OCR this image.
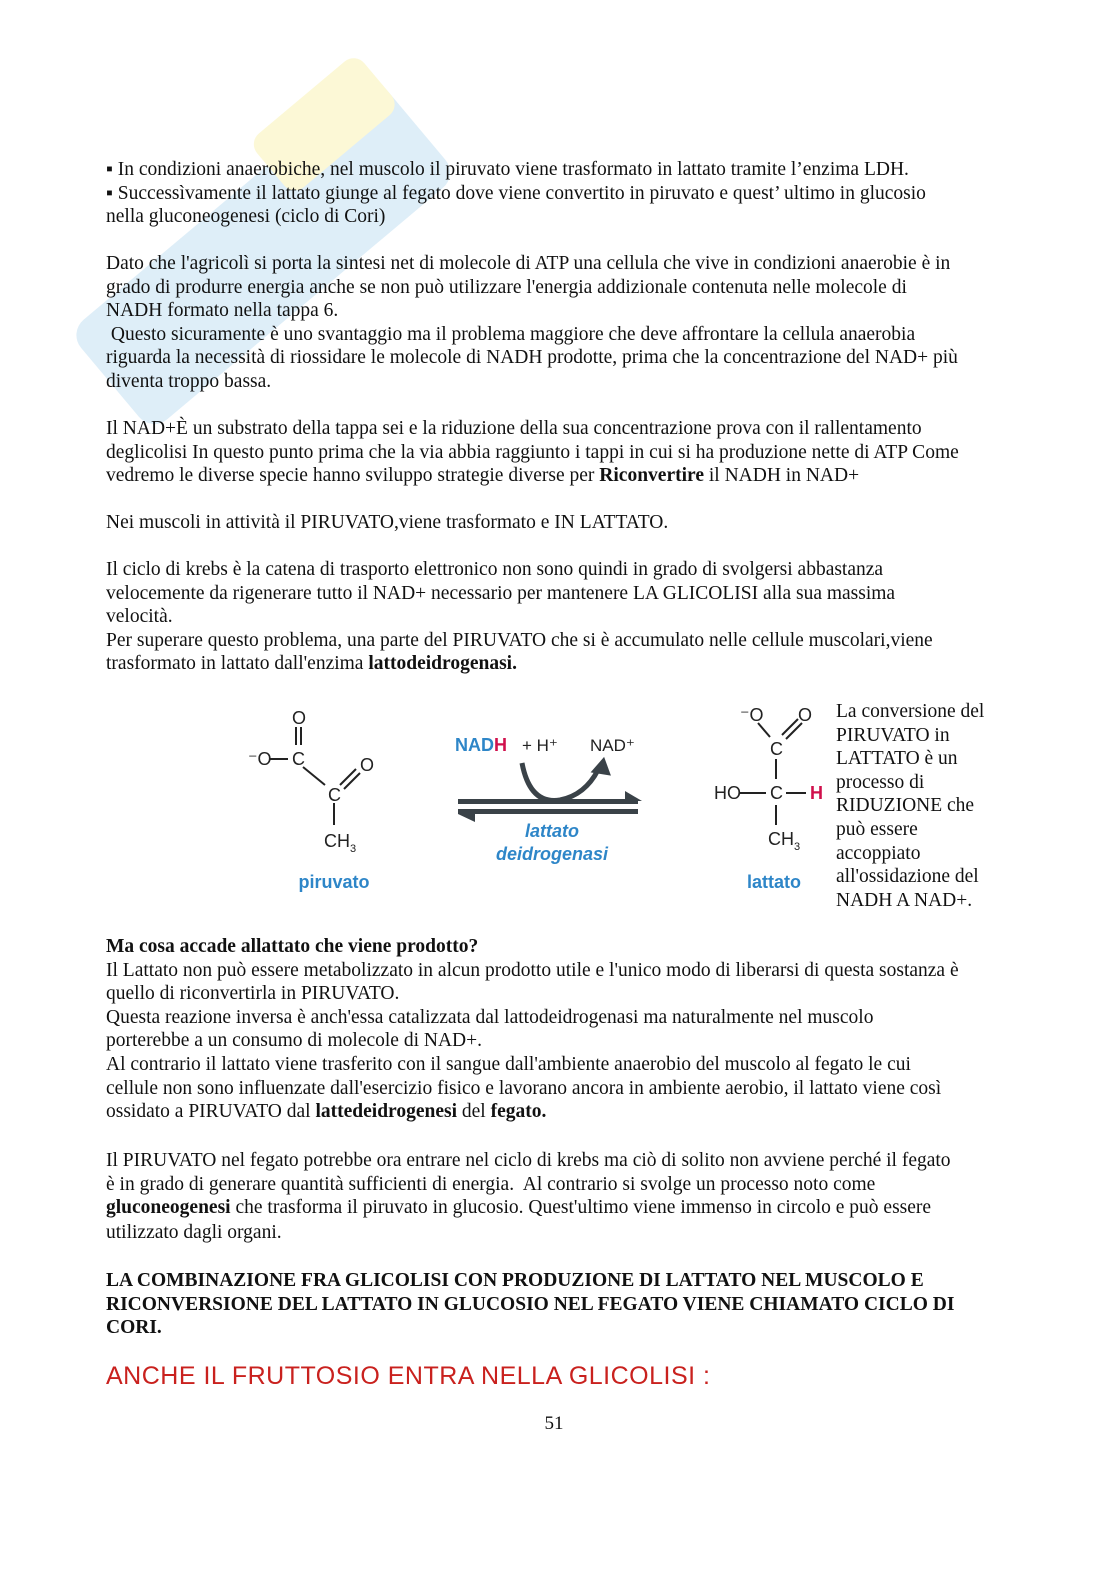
▪ In condizioni anaerobiche, nel muscolo il piruvato viene trasformato in lattato tramite l’enzima LDH.
▪ Successìvamente il lattato giunge al fegato dove viene convertito in piruvato e quest’ ultimo in glucosio
nella gluconeogenesi (ciclo di Cori)
Dato che l'agricolì si porta la sintesi net di molecole di ATP una cellula che vive in condizioni anaerobie è in
grado di produrre energia anche se non può utilizzare l'energia addizionale contenuta nelle molecole di
NADH formato nella tappa 6.
Questo sicuramente è uno svantaggio ma il problema maggiore che deve affrontare la cellula anaerobia
riguarda la necessità di riossidare le molecole di NADH prodotte, prima che la concentrazione del NAD+ più
diventa troppo bassa.
Il NAD+È un substrato della tappa sei e la riduzione della sua concentrazione prova con il rallentamento
deglicolisi In questo punto prima che la via abbia raggiunto i tappi in cui si ha produzione nette di ATP Come
vedremo le diverse specie hanno sviluppo strategie diverse per Riconvertire il NADH in NAD+
Nei muscoli in attività il PIRUVATO,viene trasformato e IN LATTATO.
Il ciclo di krebs è la catena di trasporto elettronico non sono quindi in grado di svolgersi abbastanza
velocemente da rigenerare tutto il NAD+ necessario per mantenere LA GLICOLISI alla sua massima
velocità.
Per superare questo problema, una parte del PIRUVATO che si è accumulato nelle cellule muscolari,viene
trasformato in lattato dall'enzima lattodeidrogenasi.
O
⁻O C
C
O
$CH_3$
piruvato
NADH + H⁺ NAD⁺
lattato
deidrogenasi
⁻O O
C
HO C H
$CH_3$
lattato
La conversione del
PIRUVATO in
LATTATO è un
processo di
RIDUZIONE che
può essere
accoppiato
all'ossidazione del
NADH A NAD+.
Ma cosa accade allattato che viene prodotto?
Il Lattato non può essere metabolizzato in alcun prodotto utile e l'unico modo di liberarsi di questa sostanza è
quello di riconvertirla in PIRUVATO.
Questa reazione inversa è anch'essa catalizzata dal lattodeidrogenasi ma naturalmente nel muscolo
porterebbe a un consumo di molecole di NAD+.
Al contrario il lattato viene trasferito con il sangue dall'ambiente anaerobio del muscolo al fegato le cui
cellule non sono influenzate dall'esercizio fisico e lavorano ancora in ambiente aerobio, il lattato viene così
ossidato a PIRUVATO dal lattedeidrogenesi del fegato.
Il PIRUVATO nel fegato potrebbe ora entrare nel ciclo di krebs ma ciò di solito non avviene perché il fegato
è in grado di generare quantità sufficienti di energia.  Al contrario si svolge un processo noto come
gluconeogenesi che trasforma il piruvato in glucosio. Quest'ultimo viene immenso in circolo e può essere
utilizzato dagli organi.
LA COMBINAZIONE FRA GLICOLISI CON PRODUZIONE DI LATTATO NEL MUSCOLO E
RICONVERSIONE DEL LATTATO IN GLUCOSIO NEL FEGATO VIENE CHIAMATO CICLO DI
CORI.
ANCHE IL FRUTTOSIO ENTRA NELLA GLICOLISI :
51
